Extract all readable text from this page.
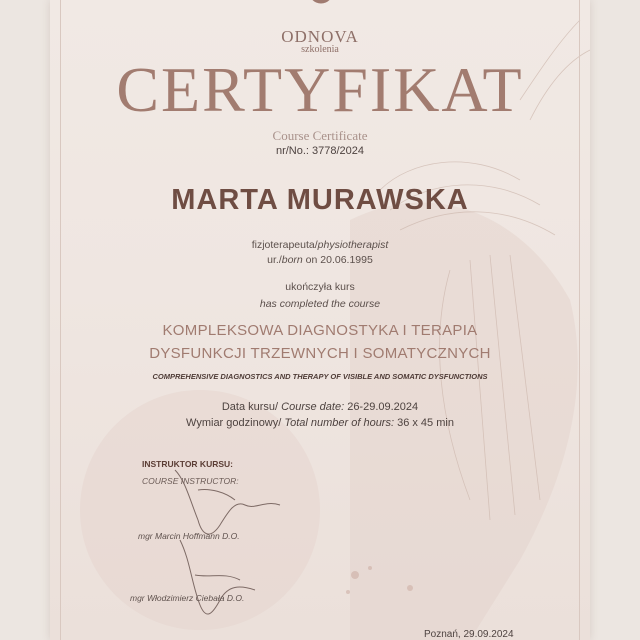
ODNOVA
szkolenia
CERTYFIKAT
Course Certificate
nr/No.: 3778/2024
MARTA MURAWSKA
fizjoterapeuta/physiotherapist
ur./born on 20.06.1995
ukończyła kurs
has completed the course
KOMPLEKSOWA DIAGNOSTYKA I TERAPIA
DYSFUNKCJI TRZEWNYCH I SOMATYCZNYCH
COMPREHENSIVE DIAGNOSTICS AND THERAPY OF VISIBLE AND SOMATIC DYSFUNCTIONS
Data kursu/ Course date: 26-29.09.2024
Wymiar godzinowy/ Total number of hours: 36 x 45 min
INSTRUKTOR KURSU:
COURSE INSTRUCTOR:
mgr Marcin Hoffmann D.O.
mgr Włodzimierz Ciebała D.O.
Poznań, 29.09.2024
